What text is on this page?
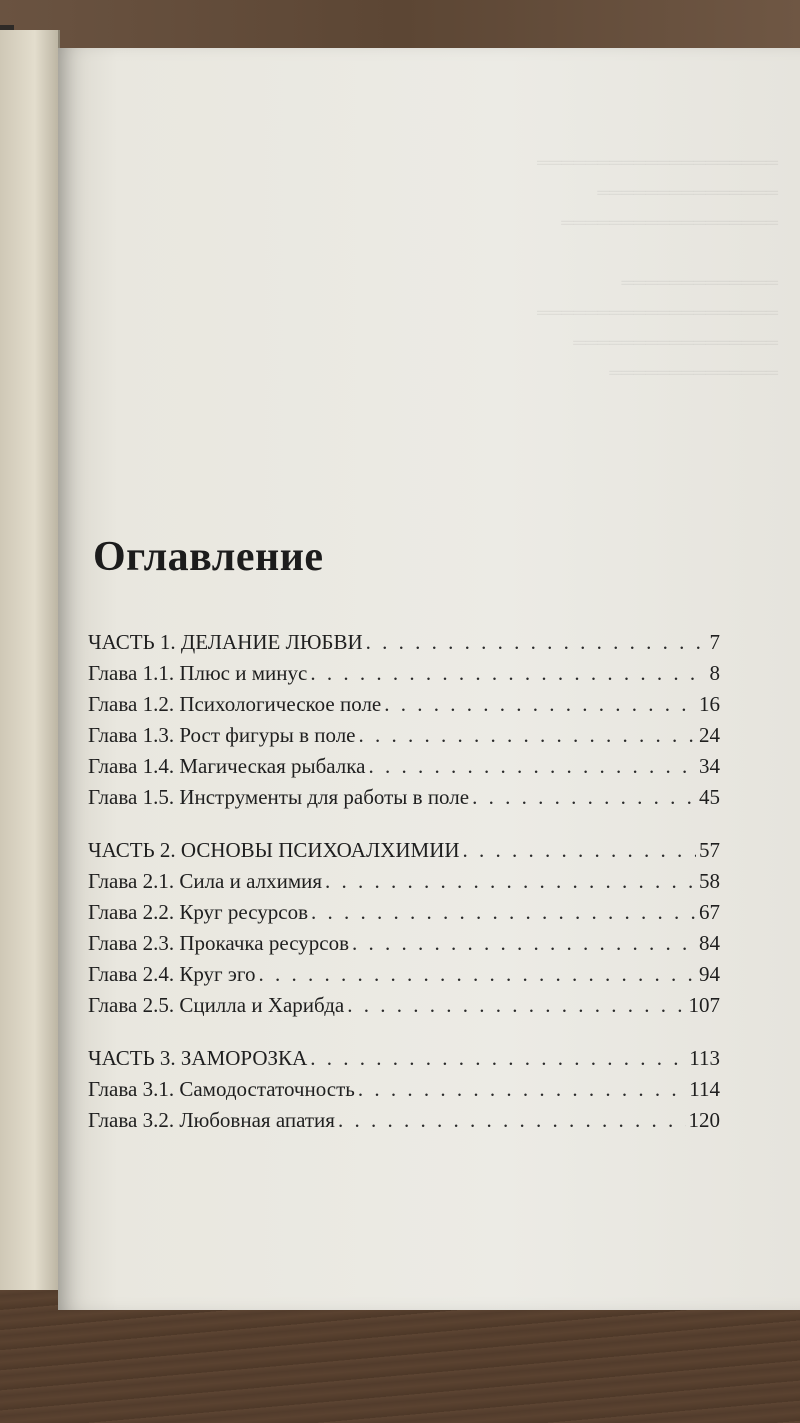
════════════════════
═══════════════
══════════════════

═════════════
════════════════════
═════════════════
══════════════

Оглавление
ЧАСТЬ 1. ДЕЛАНИЕ ЛЮБВИ . . .	7
Глава 1.1. Плюс и минус . . .	8
Глава 1.2. Психологическое поле . . .	16
Глава 1.3. Рост фигуры в поле . . .	24
Глава 1.4. Магическая рыбалка . . .	34
Глава 1.5. Инструменты для работы в поле . . .	45
ЧАСТЬ 2. ОСНОВЫ ПСИХОАЛХИМИИ . . .	57
Глава 2.1. Сила и алхимия . . .	58
Глава 2.2. Круг ресурсов . . .	67
Глава 2.3. Прокачка ресурсов . . .	84
Глава 2.4. Круг эго . . .	94
Глава 2.5. Сцилла и Харибда . . .	107
ЧАСТЬ 3. ЗАМОРОЗКА . . .	113
Глава 3.1. Самодостаточность . . .	114
Глава 3.2. Любовная апатия . . .	120
